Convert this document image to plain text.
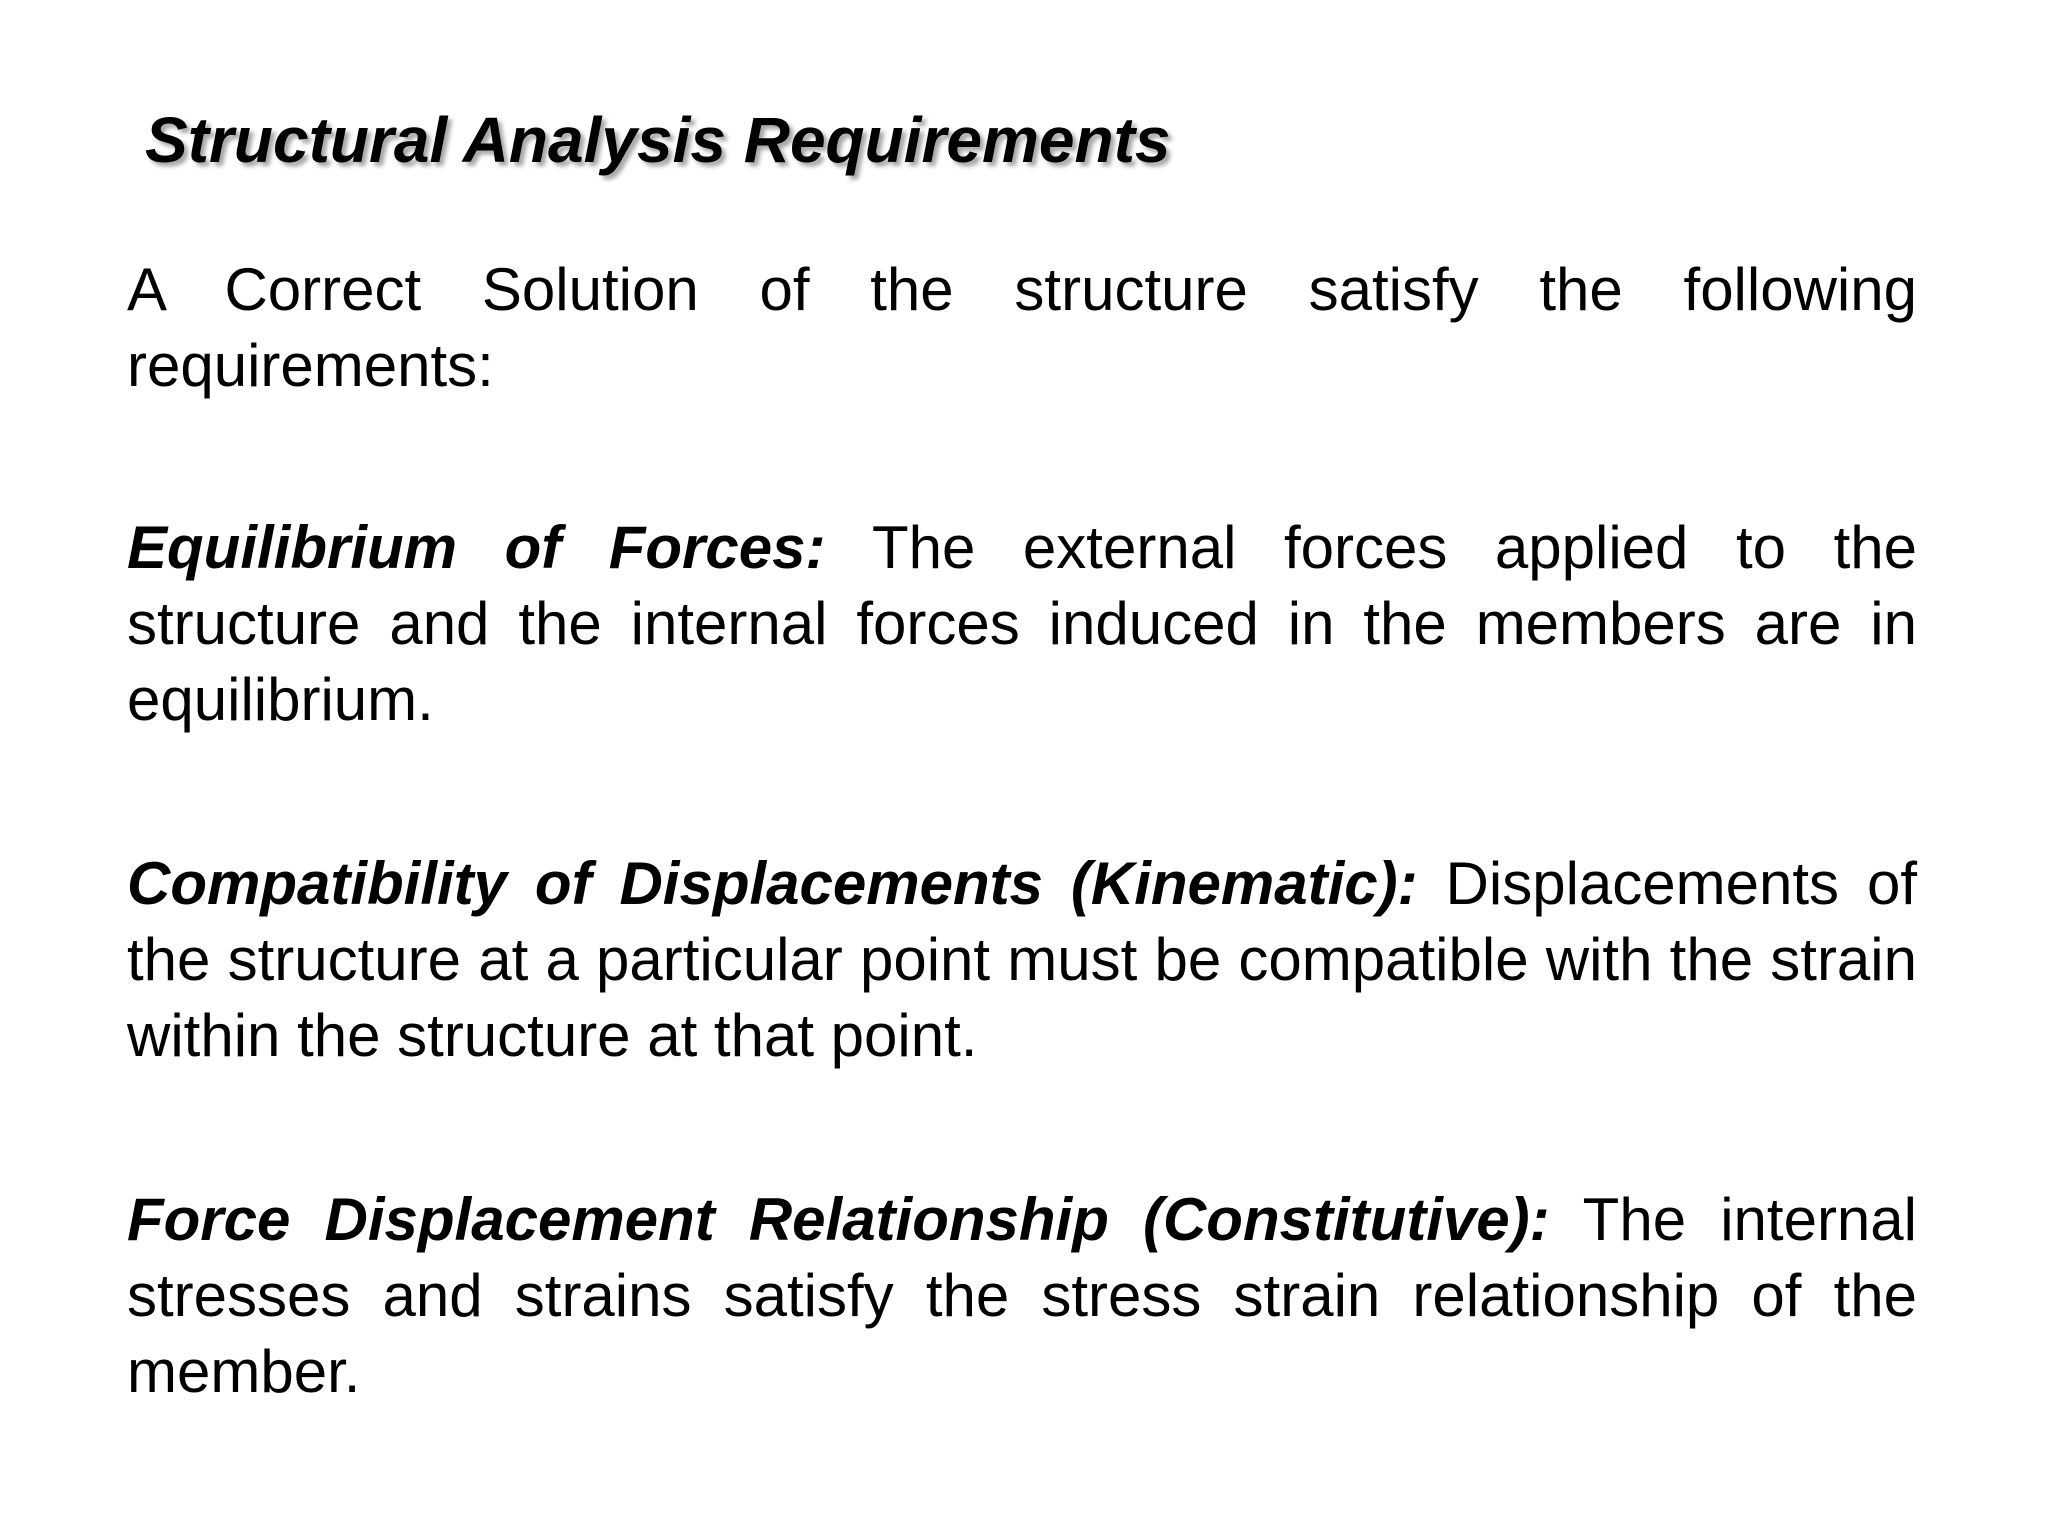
Structural Analysis Requirements

A Correct Solution of the structure satisfy the following requirements:

Equilibrium of Forces: The external forces applied to the structure and the internal forces induced in the members are in equilibrium.

Compatibility of Displacements (Kinematic): Displacements of the structure at a particular point must be compatible with the strain within the structure at that point.

Force Displacement Relationship (Constitutive): The internal stresses and strains satisfy the stress strain relationship of the member.
